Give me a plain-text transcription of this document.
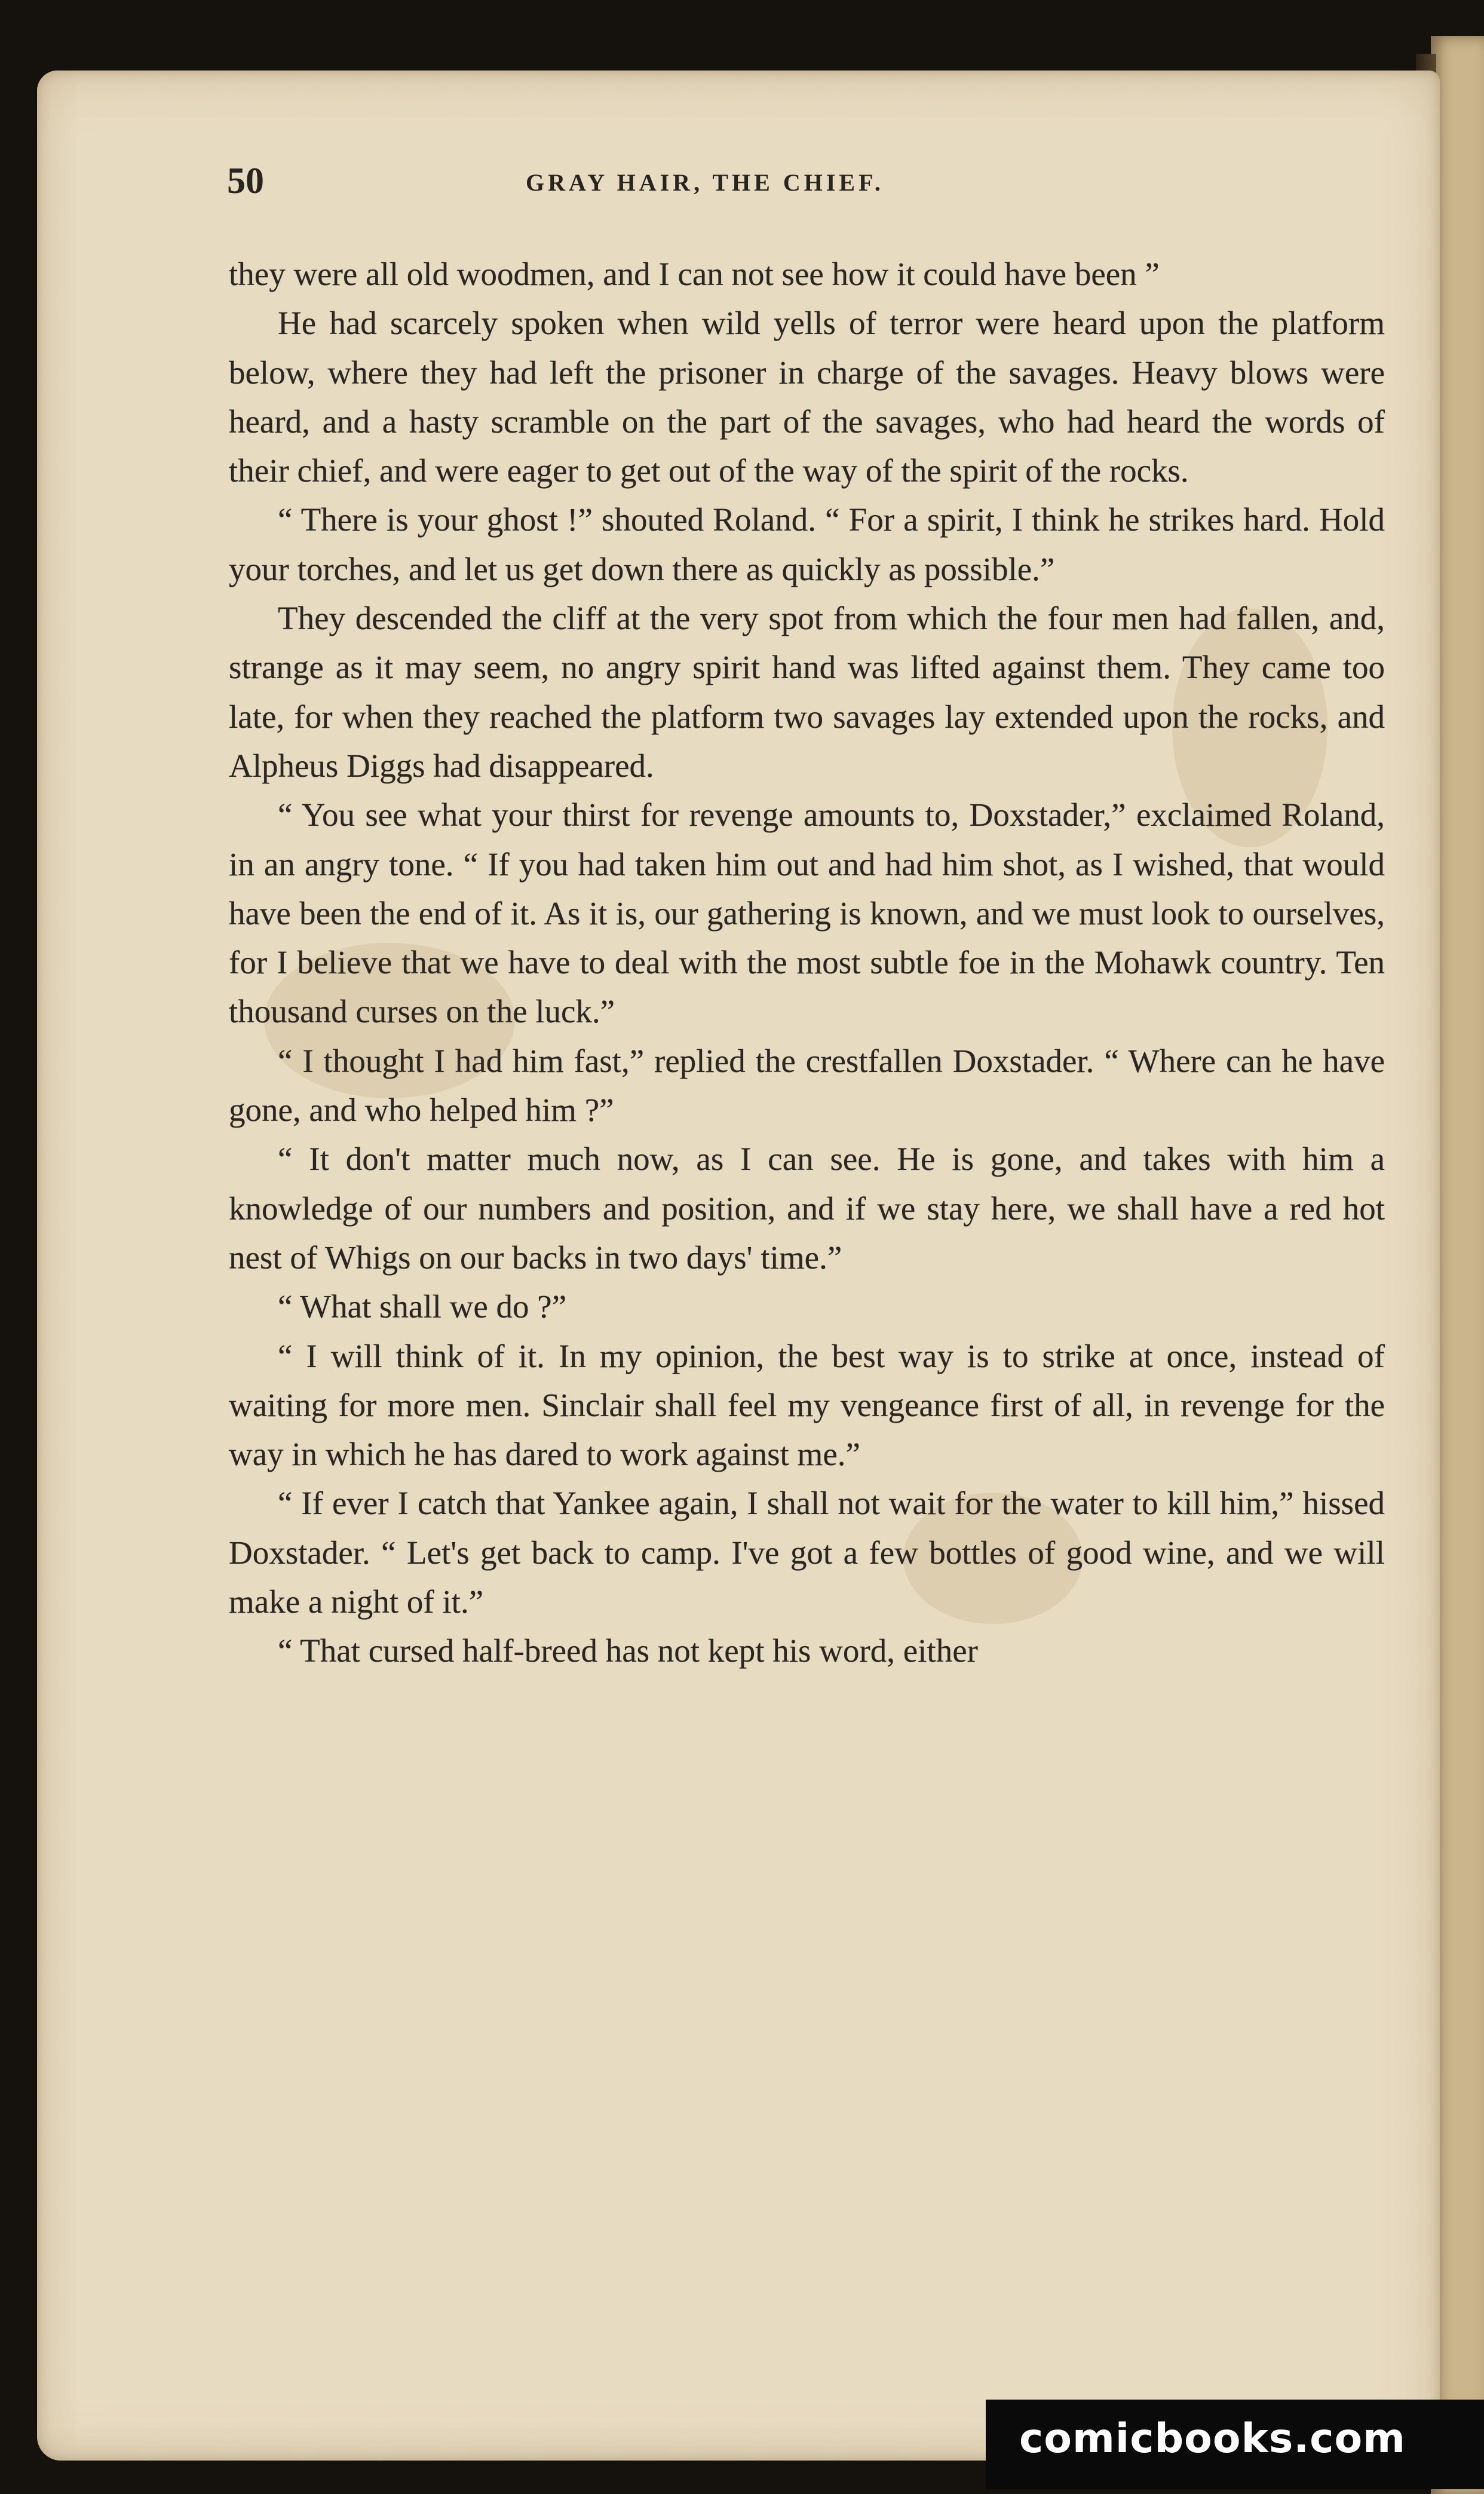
50	GRAY HAIR, THE CHIEF.

they were all old woodmen, and I can not see how it could have been ”

He had scarcely spoken when wild yells of terror were heard upon the platform below, where they had left the prisoner in charge of the savages. Heavy blows were heard, and a hasty scramble on the part of the savages, who had heard the words of their chief, and were eager to get out of the way of the spirit of the rocks.

“ There is your ghost !” shouted Roland. “ For a spirit, I think he strikes hard. Hold your torches, and let us get down there as quickly as possible.”

They descended the cliff at the very spot from which the four men had fallen, and, strange as it may seem, no angry spirit hand was lifted against them. They came too late, for when they reached the platform two savages lay extended upon the rocks, and Alpheus Diggs had disappeared.

“ You see what your thirst for revenge amounts to, Doxstader,” exclaimed Roland, in an angry tone. “ If you had taken him out and had him shot, as I wished, that would have been the end of it. As it is, our gathering is known, and we must look to ourselves, for I believe that we have to deal with the most subtle foe in the Mohawk country. Ten thousand curses on the luck.”

“ I thought I had him fast,” replied the crestfallen Doxstader. “ Where can he have gone, and who helped him ?”

“ It don't matter much now, as I can see. He is gone, and takes with him a knowledge of our numbers and position, and if we stay here, we shall have a red hot nest of Whigs on our backs in two days' time.”

“ What shall we do ?”

“ I will think of it. In my opinion, the best way is to strike at once, instead of waiting for more men. Sinclair shall feel my vengeance first of all, in revenge for the way in which he has dared to work against me.”

“ If ever I catch that Yankee again, I shall not wait for the water to kill him,” hissed Doxstader. “ Let's get back to camp. I've got a few bottles of good wine, and we will make a night of it.”

“ That cursed half-breed has not kept his word, either

comicbooks.com
